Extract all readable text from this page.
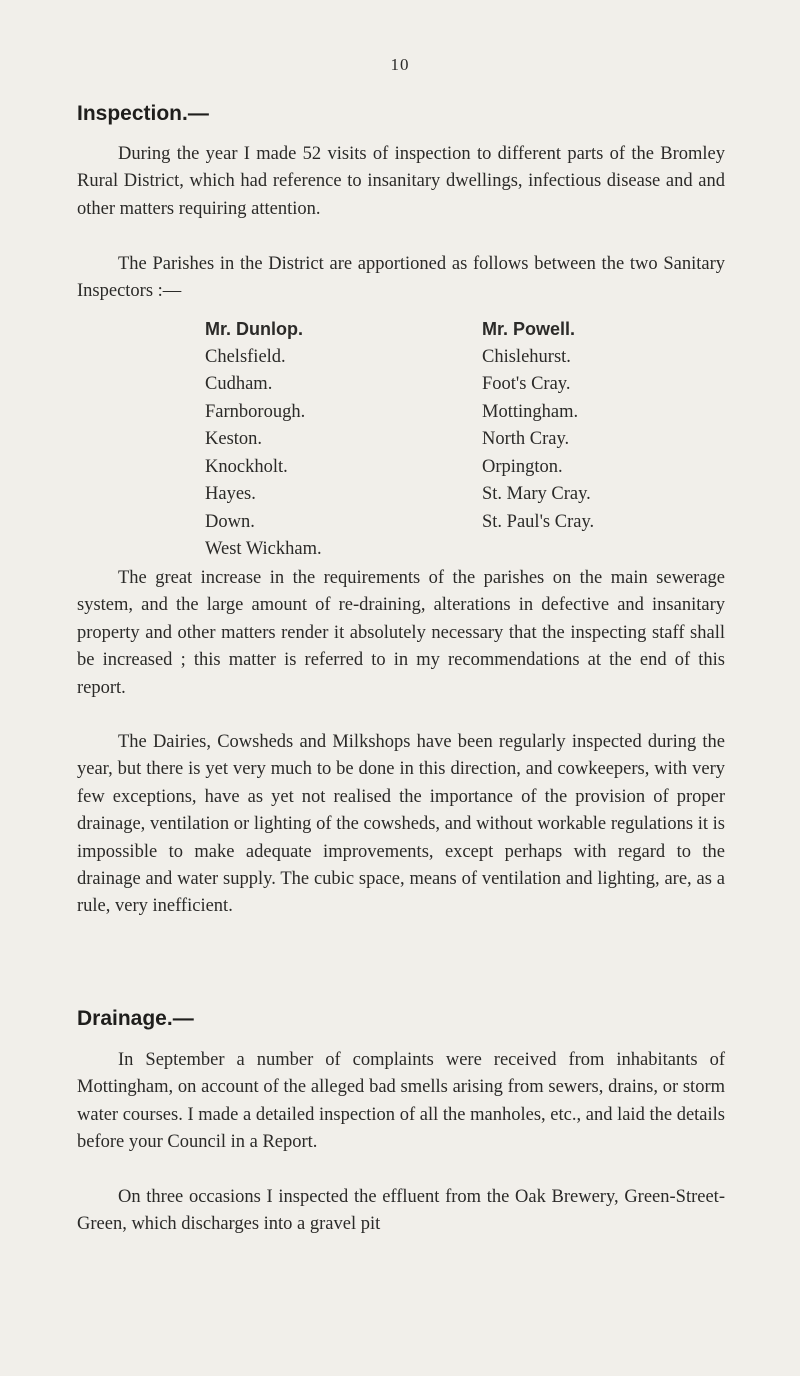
10
Inspection.—

During the year I made 52 visits of inspection to different parts of the Bromley Rural District, which had reference to insanitary dwellings, infectious disease and and other matters requiring attention.

The Parishes in the District are apportioned as follows between the two Sanitary Inspectors :—

Mr. Dunlop.
Chelsfield.
Cudham.
Farnborough.
Keston.
Knockholt.
Hayes.
Down.
West Wickham.
Mr. Powell.
Chislehurst.
Foot's Cray.
Mottingham.
North Cray.
Orpington.
St. Mary Cray.
St. Paul's Cray.

The great increase in the requirements of the parishes on the main sewerage system, and the large amount of re-draining, alterations in defective and insanitary property and other matters render it absolutely necessary that the inspecting staff shall be increased ; this matter is referred to in my recommendations at the end of this report.

The Dairies, Cowsheds and Milkshops have been regularly inspected during the year, but there is yet very much to be done in this direction, and cowkeepers, with very few exceptions, have as yet not realised the importance of the provision of proper drainage, ventilation or lighting of the cowsheds, and without workable regulations it is impossible to make adequate improvements, except perhaps with regard to the drainage and water supply. The cubic space, means of ventilation and lighting, are, as a rule, very inefficient.

Drainage.—

In September a number of complaints were received from inhabitants of Mottingham, on account of the alleged bad smells arising from sewers, drains, or storm water courses. I made a detailed inspection of all the manholes, etc., and laid the details before your Council in a Report.

On three occasions I inspected the effluent from the Oak Brewery, Green-Street-Green, which discharges into a gravel pit
